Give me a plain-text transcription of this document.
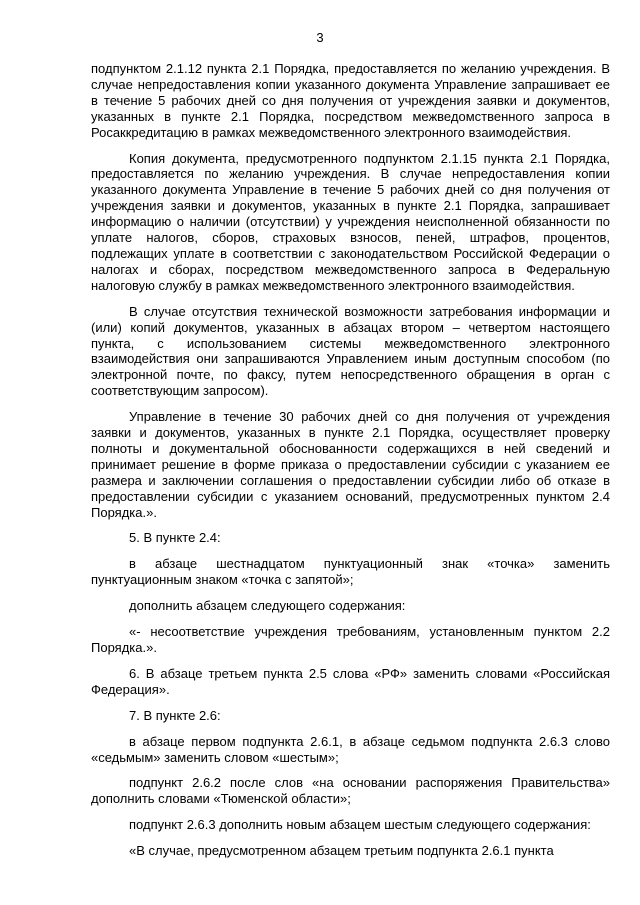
3

подпунктом 2.1.12 пункта 2.1 Порядка, предоставляется по желанию учреждения. В случае непредоставления копии указанного документа Управление запрашивает ее в течение 5 рабочих дней со дня получения от учреждения заявки и документов, указанных в пункте 2.1 Порядка, посредством межведомственного запроса в Росаккредитацию в рамках межведомственного электронного взаимодействия.

Копия документа, предусмотренного подпунктом 2.1.15 пункта 2.1 Порядка, предоставляется по желанию учреждения. В случае непредоставления копии указанного документа Управление в течение 5 рабочих дней со дня получения от учреждения заявки и документов, указанных в пункте 2.1 Порядка, запрашивает информацию о наличии (отсутствии) у учреждения неисполненной обязанности по уплате налогов, сборов, страховых взносов, пеней, штрафов, процентов, подлежащих уплате в соответствии с законодательством Российской Федерации о налогах и сборах, посредством межведомственного запроса в Федеральную налоговую службу в рамках межведомственного электронного взаимодействия.

В случае отсутствия технической возможности затребования информации и (или) копий документов, указанных в абзацах втором – четвертом настоящего пункта, с использованием системы межведомственного электронного взаимодействия они запрашиваются Управлением иным доступным способом (по электронной почте, по факсу, путем непосредственного обращения в орган с соответствующим запросом).

Управление в течение 30 рабочих дней со дня получения от учреждения заявки и документов, указанных в пункте 2.1 Порядка, осуществляет проверку полноты и документальной обоснованности содержащихся в ней сведений и принимает решение в форме приказа о предоставлении субсидии с указанием ее размера и заключении соглашения о предоставлении субсидии либо об отказе в предоставлении субсидии с указанием оснований, предусмотренных пунктом 2.4 Порядка.».

5. В пункте 2.4:

в абзаце шестнадцатом пунктуационный знак «точка» заменить пунктуационным знаком «точка с запятой»;

дополнить абзацем следующего содержания:

«- несоответствие учреждения требованиям, установленным пунктом 2.2 Порядка.».

6. В абзаце третьем пункта 2.5 слова «РФ» заменить словами «Российская Федерация».

7. В пункте 2.6:

в абзаце первом подпункта 2.6.1, в абзаце седьмом подпункта 2.6.3 слово «седьмым» заменить словом «шестым»;

подпункт 2.6.2 после слов «на основании распоряжения Правительства» дополнить словами «Тюменской области»;

подпункт 2.6.3 дополнить новым абзацем шестым следующего содержания:

«В случае, предусмотренном абзацем третьим подпункта 2.6.1 пункта
